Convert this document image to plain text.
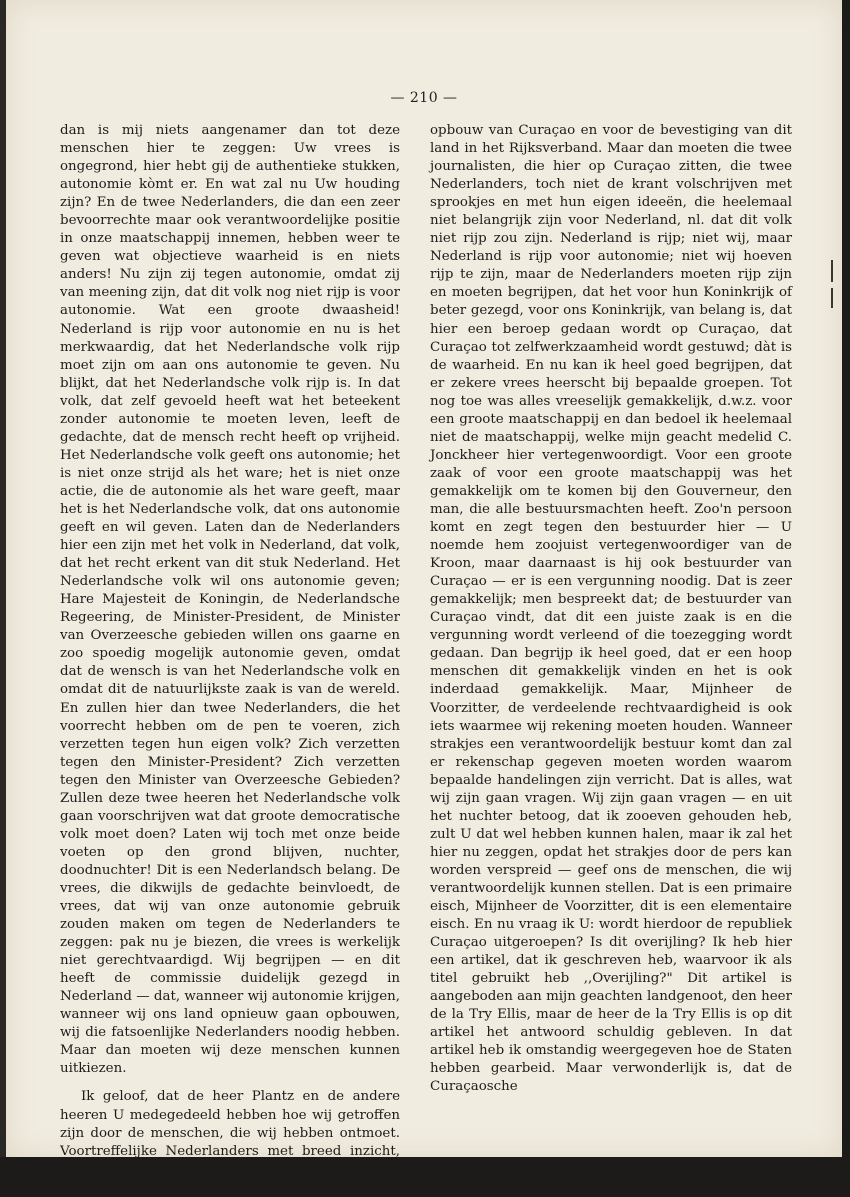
— 210 —

dan is mij niets aangenamer dan tot deze menschen hier te zeggen: Uw vrees is ongegrond, hier hebt gij de authentieke stukken, autonomie kòmt er. En wat zal nu Uw houding zijn? En de twee Nederlanders, die dan een zeer bevoorrechte maar ook verantwoordelijke positie in onze maatschappij innemen, hebben weer te geven wat objectieve waarheid is en niets anders! Nu zijn zij tegen autonomie, omdat zij van meening zijn, dat dit volk nog niet rijp is voor autonomie. Wat een groote dwaasheid! Nederland is rijp voor autonomie en nu is het merkwaardig, dat het Nederlandsche volk rijp moet zijn om aan ons autonomie te geven. Nu blijkt, dat het Nederlandsche volk rijp is. In dat volk, dat zelf gevoeld heeft wat het beteekent zonder autonomie te moeten leven, leeft de gedachte, dat de mensch recht heeft op vrijheid. Het Nederlandsche volk geeft ons autonomie; het is niet onze strijd als het ware; het is niet onze actie, die de autonomie als het ware geeft, maar het is het Nederlandsche volk, dat ons autonomie geeft en wil geven. Laten dan de Nederlanders hier een zijn met het volk in Nederland, dat volk, dat het recht erkent van dit stuk Nederland. Het Nederlandsche volk wil ons autonomie geven; Hare Majesteit de Koningin, de Nederlandsche Regeering, de Minister-President, de Minister van Overzeesche gebieden willen ons gaarne en zoo spoedig mogelijk autonomie geven, omdat dat de wensch is van het Nederlandsche volk en omdat dit de natuurlijkste zaak is van de wereld. En zullen hier dan twee Nederlanders, die het voorrecht hebben om de pen te voeren, zich verzetten tegen hun eigen volk? Zich verzetten tegen den Minister-President? Zich verzetten tegen den Minister van Overzeesche Gebieden? Zullen deze twee heeren het Nederlandsche volk gaan voorschrijven wat dat groote democratische volk moet doen? Laten wij toch met onze beide voeten op den grond blijven, nuchter, doodnuchter! Dit is een Nederlandsch belang. De vrees, die dikwijls de gedachte beinvloedt, de vrees, dat wij van onze autonomie gebruik zouden maken om tegen de Nederlanders te zeggen: pak nu je biezen, die vrees is werkelijk niet gerechtvaardigd. Wij begrijpen — en dit heeft de commissie duidelijk gezegd in Nederland — dat, wanneer wij autonomie krijgen, wanneer wij ons land opnieuw gaan opbouwen, wij die fatsoenlijke Nederlanders noodig hebben. Maar dan moeten wij deze menschen kunnen uitkiezen.

Ik geloof, dat de heer Plantz en de andere heeren U medegedeeld hebben hoe wij getroffen zijn door de menschen, die wij hebben ontmoet. Voortreffelijke Nederlanders met breed inzicht, die bereid zijn om iets van hun persoon af te staan voor den

opbouw van Curaçao en voor de bevestiging van dit land in het Rijksverband. Maar dan moeten die twee journalisten, die hier op Curaçao zitten, die twee Nederlanders, toch niet de krant volschrijven met sprookjes en met hun eigen ideeën, die heelemaal niet belangrijk zijn voor Nederland, nl. dat dit volk niet rijp zou zijn. Nederland is rijp; niet wij, maar Nederland is rijp voor autonomie; niet wij hoeven rijp te zijn, maar de Nederlanders moeten rijp zijn en moeten begrijpen, dat het voor hun Koninkrijk of beter gezegd, voor ons Koninkrijk, van belang is, dat hier een beroep gedaan wordt op Curaçao, dat Curaçao tot zelfwerkzaamheid wordt gestuwd; dàt is de waarheid. En nu kan ik heel goed begrijpen, dat er zekere vrees heerscht bij bepaalde groepen. Tot nog toe was alles vreeselijk gemakkelijk, d.w.z. voor een groote maatschappij en dan bedoel ik heelemaal niet de maatschappij, welke mijn geacht medelid C. Jonckheer hier vertegenwoordigt. Voor een groote zaak of voor een groote maatschappij was het gemakkelijk om te komen bij den Gouverneur, den man, die alle bestuursmachten heeft. Zoo'n persoon komt en zegt tegen den bestuurder hier — U noemde hem zoojuist vertegenwoordiger van de Kroon, maar daarnaast is hij ook bestuurder van Curaçao — er is een vergunning noodig. Dat is zeer gemakkelijk; men bespreekt dat; de bestuurder van Curaçao vindt, dat dit een juiste zaak is en die vergunning wordt verleend of die toezegging wordt gedaan. Dan begrijp ik heel goed, dat er een hoop menschen dit gemakkelijk vinden en het is ook inderdaad gemakkelijk. Maar, Mijnheer de Voorzitter, de verdeelende rechtvaardigheid is ook iets waarmee wij rekening moeten houden. Wanneer strakjes een verantwoordelijk bestuur komt dan zal er rekenschap gegeven moeten worden waarom bepaalde handelingen zijn verricht. Dat is alles, wat wij zijn gaan vragen. Wij zijn gaan vragen — en uit het nuchter betoog, dat ik zooeven gehouden heb, zult U dat wel hebben kunnen halen, maar ik zal het hier nu zeggen, opdat het strakjes door de pers kan worden verspreid — geef ons de menschen, die wij verantwoordelijk kunnen stellen. Dat is een primaire eisch, Mijnheer de Voorzitter, dit is een elementaire eisch. En nu vraag ik U: wordt hierdoor de republiek Curaçao uitgeroepen? Is dit overijling? Ik heb hier een artikel, dat ik geschreven heb, waarvoor ik als titel gebruikt heb ,,Overijling?" Dit artikel is aangeboden aan mijn geachten landgenoot, den heer de la Try Ellis, maar de heer de la Try Ellis is op dit artikel het antwoord schuldig gebleven. In dat artikel heb ik omstandig weergegeven hoe de Staten hebben gearbeid. Maar verwonderlijk is, dat de Curaçaosche
